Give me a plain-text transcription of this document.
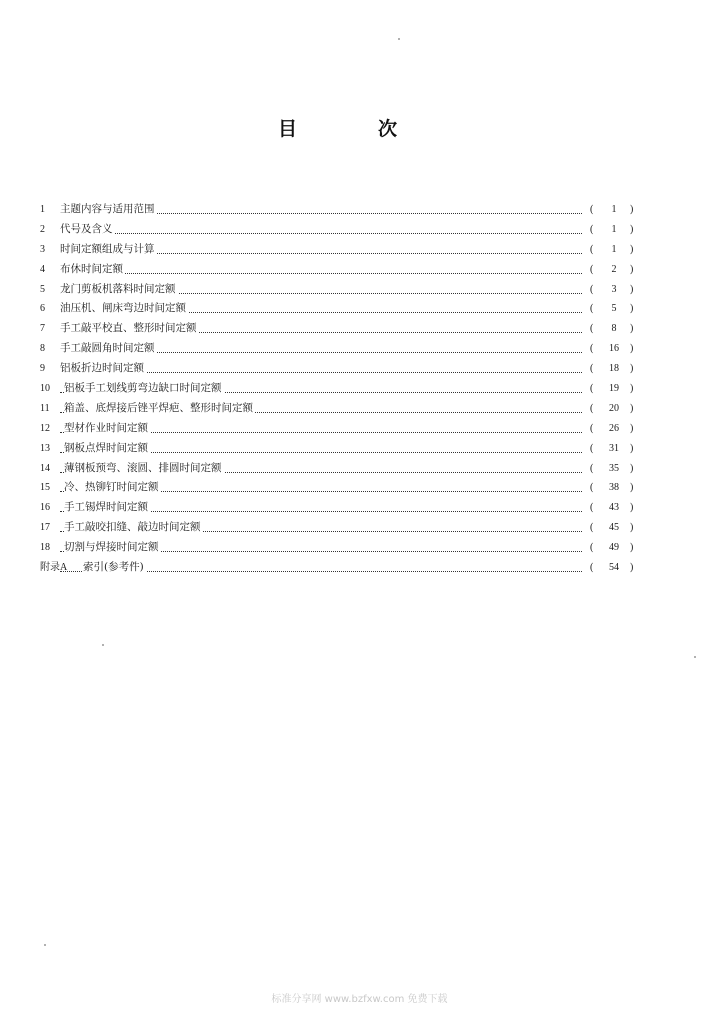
目	次
1 主题内容与适用范围	(	1	)
2 代号及含义	(	1	)
3 时间定额组成与计算	(	1	)
4 布休时间定额	(	2	)
5 龙门剪板机落料时间定额	(	3	)
6 油压机、闸床弯边时间定额	(	5	)
7 手工敲平校直、整形时间定额	(	8	)
8 手工敲圆角时间定额	(	16	)
9 铝板折边时间定额	(	18	)
10 铝板手工划线剪弯边缺口时间定额	(	19	)
11 箱盖、底焊接后锉平焊疤、整形时间定额	(	20	)
12 型材作业时间定额	(	26	)
13 钢板点焊时间定额	(	31	)
14 薄钢板预弯、滚圆、排圆时间定额	(	35	)
15 冷、热铆钉时间定额	(	38	)
16 手工锡焊时间定额	(	43	)
17 手工敲咬扣缝、敲边时间定额	(	45	)
18 切割与焊接时间定额	(	49	)
附录A 索引(参考件)	(	54	)
标准分享网 www.bzfxw.com 免费下载
